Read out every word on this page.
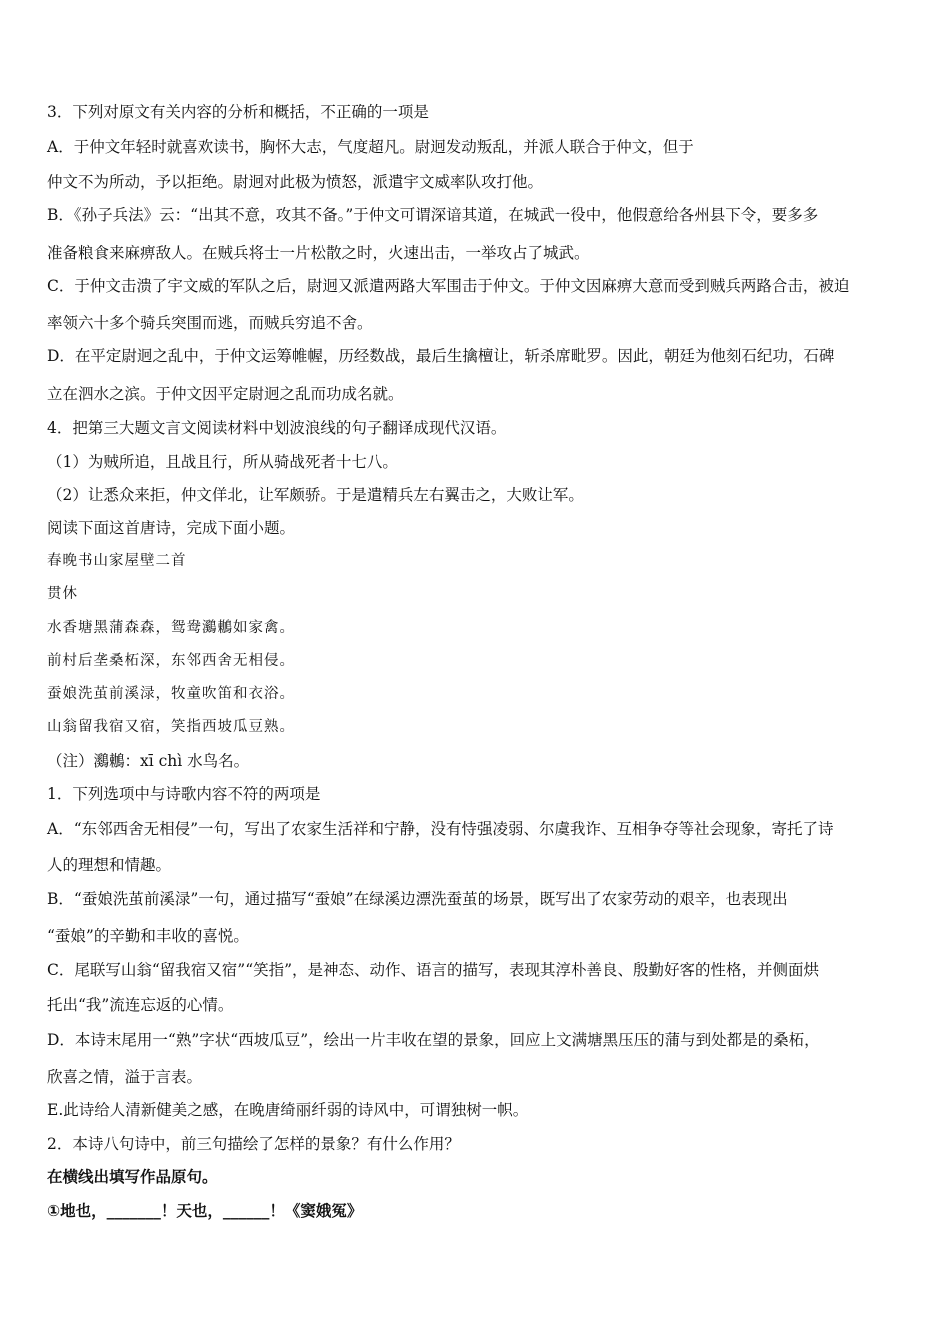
3．下列对原文有关内容的分析和概括，不正确的一项是
A．于仲文年轻时就喜欢读书，胸怀大志，气度超凡。尉迥发动叛乱，并派人联合于仲文，但于
仲文不为所动，予以拒绝。尉迥对此极为愤怒，派遣宇文威率队攻打他。
B．《孙子兵法》云：“出其不意，攻其不备。”于仲文可谓深谙其道，在城武一役中，他假意给各州县下令，要多多
准备粮食来麻痹敌人。在贼兵将士一片松散之时，火速出击，一举攻占了城武。
C．于仲文击溃了宇文威的军队之后，尉迥又派遣两路大军围击于仲文。于仲文因麻痹大意而受到贼兵两路合击，被迫
率领六十多个骑兵突围而逃，而贼兵穷追不舍。
D．在平定尉迥之乱中，于仲文运筹帷幄，历经数战，最后生擒檀让，斩杀席毗罗。因此，朝廷为他刻石纪功，石碑
立在泗水之滨。于仲文因平定尉迥之乱而功成名就。
4．把第三大题文言文阅读材料中划波浪线的句子翻译成现代汉语。
（1）为贼所追，且战且行，所从骑战死者十七八。
（2）让悉众来拒，仲文佯北，让军颇骄。于是遣精兵左右翼击之，大败让军。
阅读下面这首唐诗，完成下面小题。
春晚书山家屋壁二首
贯休
水香塘黑蒲森森，鸳鸯鸂鶒如家禽。
前村后垄桑柘深，东邻西舍无相侵。
蚕娘洗茧前溪渌，牧童吹笛和衣浴。
山翁留我宿又宿，笑指西坡瓜豆熟。
（注）鸂鶒：xī chì 水鸟名。
1．下列选项中与诗歌内容不符的两项是
A．“东邻西舍无相侵”一句，写出了农家生活祥和宁静，没有恃强凌弱、尔虞我诈、互相争夺等社会现象，寄托了诗
人的理想和情趣。
B．“蚕娘洗茧前溪渌”一句，通过描写“蚕娘”在绿溪边漂洗蚕茧的场景，既写出了农家劳动的艰辛，也表现出
“蚕娘”的辛勤和丰收的喜悦。
C．尾联写山翁“留我宿又宿”“笑指”，是神态、动作、语言的描写，表现其淳朴善良、殷勤好客的性格，并侧面烘
托出“我”流连忘返的心情。
D．本诗末尾用一“熟”字状“西坡瓜豆”，绘出一片丰收在望的景象，回应上文满塘黑压压的蒲与到处都是的桑柘，
欣喜之情，溢于言表。
E.此诗给人清新健美之感，在晚唐绮丽纤弱的诗风中，可谓独树一帜。
2．本诗八句诗中，前三句描绘了怎样的景象？有什么作用？
在横线出填写作品原句。
①地也，_______！天也，______！《窦娥冤》
